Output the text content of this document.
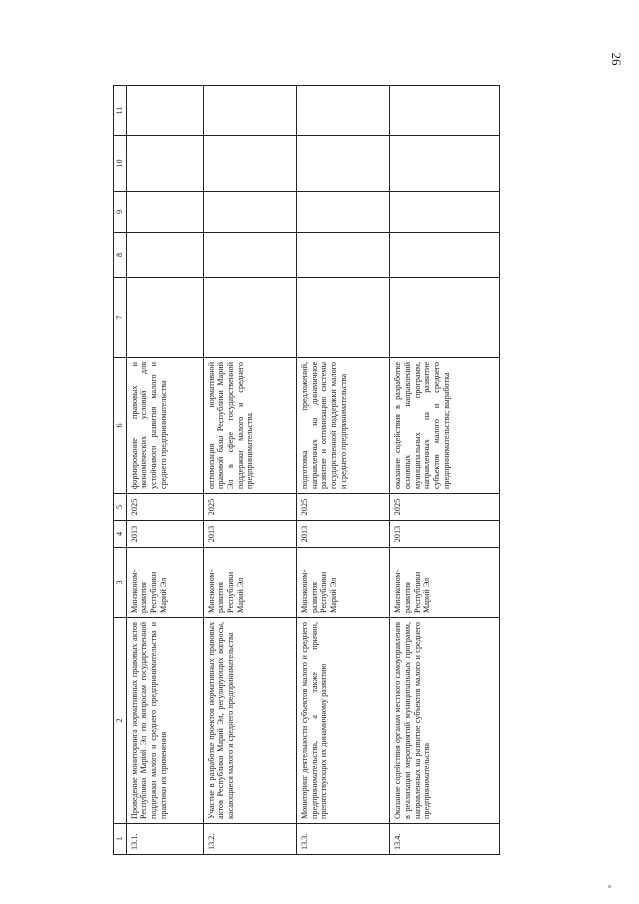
26
1	2	3	4	5	6	7	8	9	10	11
13.1.	Проведение мониторинга нормативных правовых актов Республики Марий Эл по вопросам государственной поддержки малого и среднего предпринимательства и практики их применения	Минэкономразвития Республики Марий Эл	2013	2025	формирование правовых и экономических условий для устойчивого развития малого и среднего предпринимательства					
13.2.	Участие в разработке проектов нормативных правовых актов Республики Марий Эл, регулирующих вопросы, касающиеся малого и среднего предпринимательства	Минэкономразвития Республики Марий Эл	2013	2025	оптимизация нормативной правовой базы Республики Марий Эл в сфере государственной поддержки малого и среднего предпринимательства					
13.3.	Мониторинг деятельности субъектов малого и среднего предпринимательства, а также причин, препятствующих их динамичному развитию	Минэкономразвития Республики Марий Эл	2013	2025	подготовка предложений, направленных на динамичное развитие и оптимизацию системы государственной поддержки малого и среднего предпринимательства					
13.4.	Оказание содействия органам местного самоуправления в реализации мероприятий муниципальных программ, направленных на развитие субъектов малого и среднего предпринимательства	Минэкономразвития Республики Марий Эл	2013	2025	оказание содействия в разработке основных направлений муниципальных программ, направленных на развитие субъектов малого и среднего предпринимательства; выработка					
